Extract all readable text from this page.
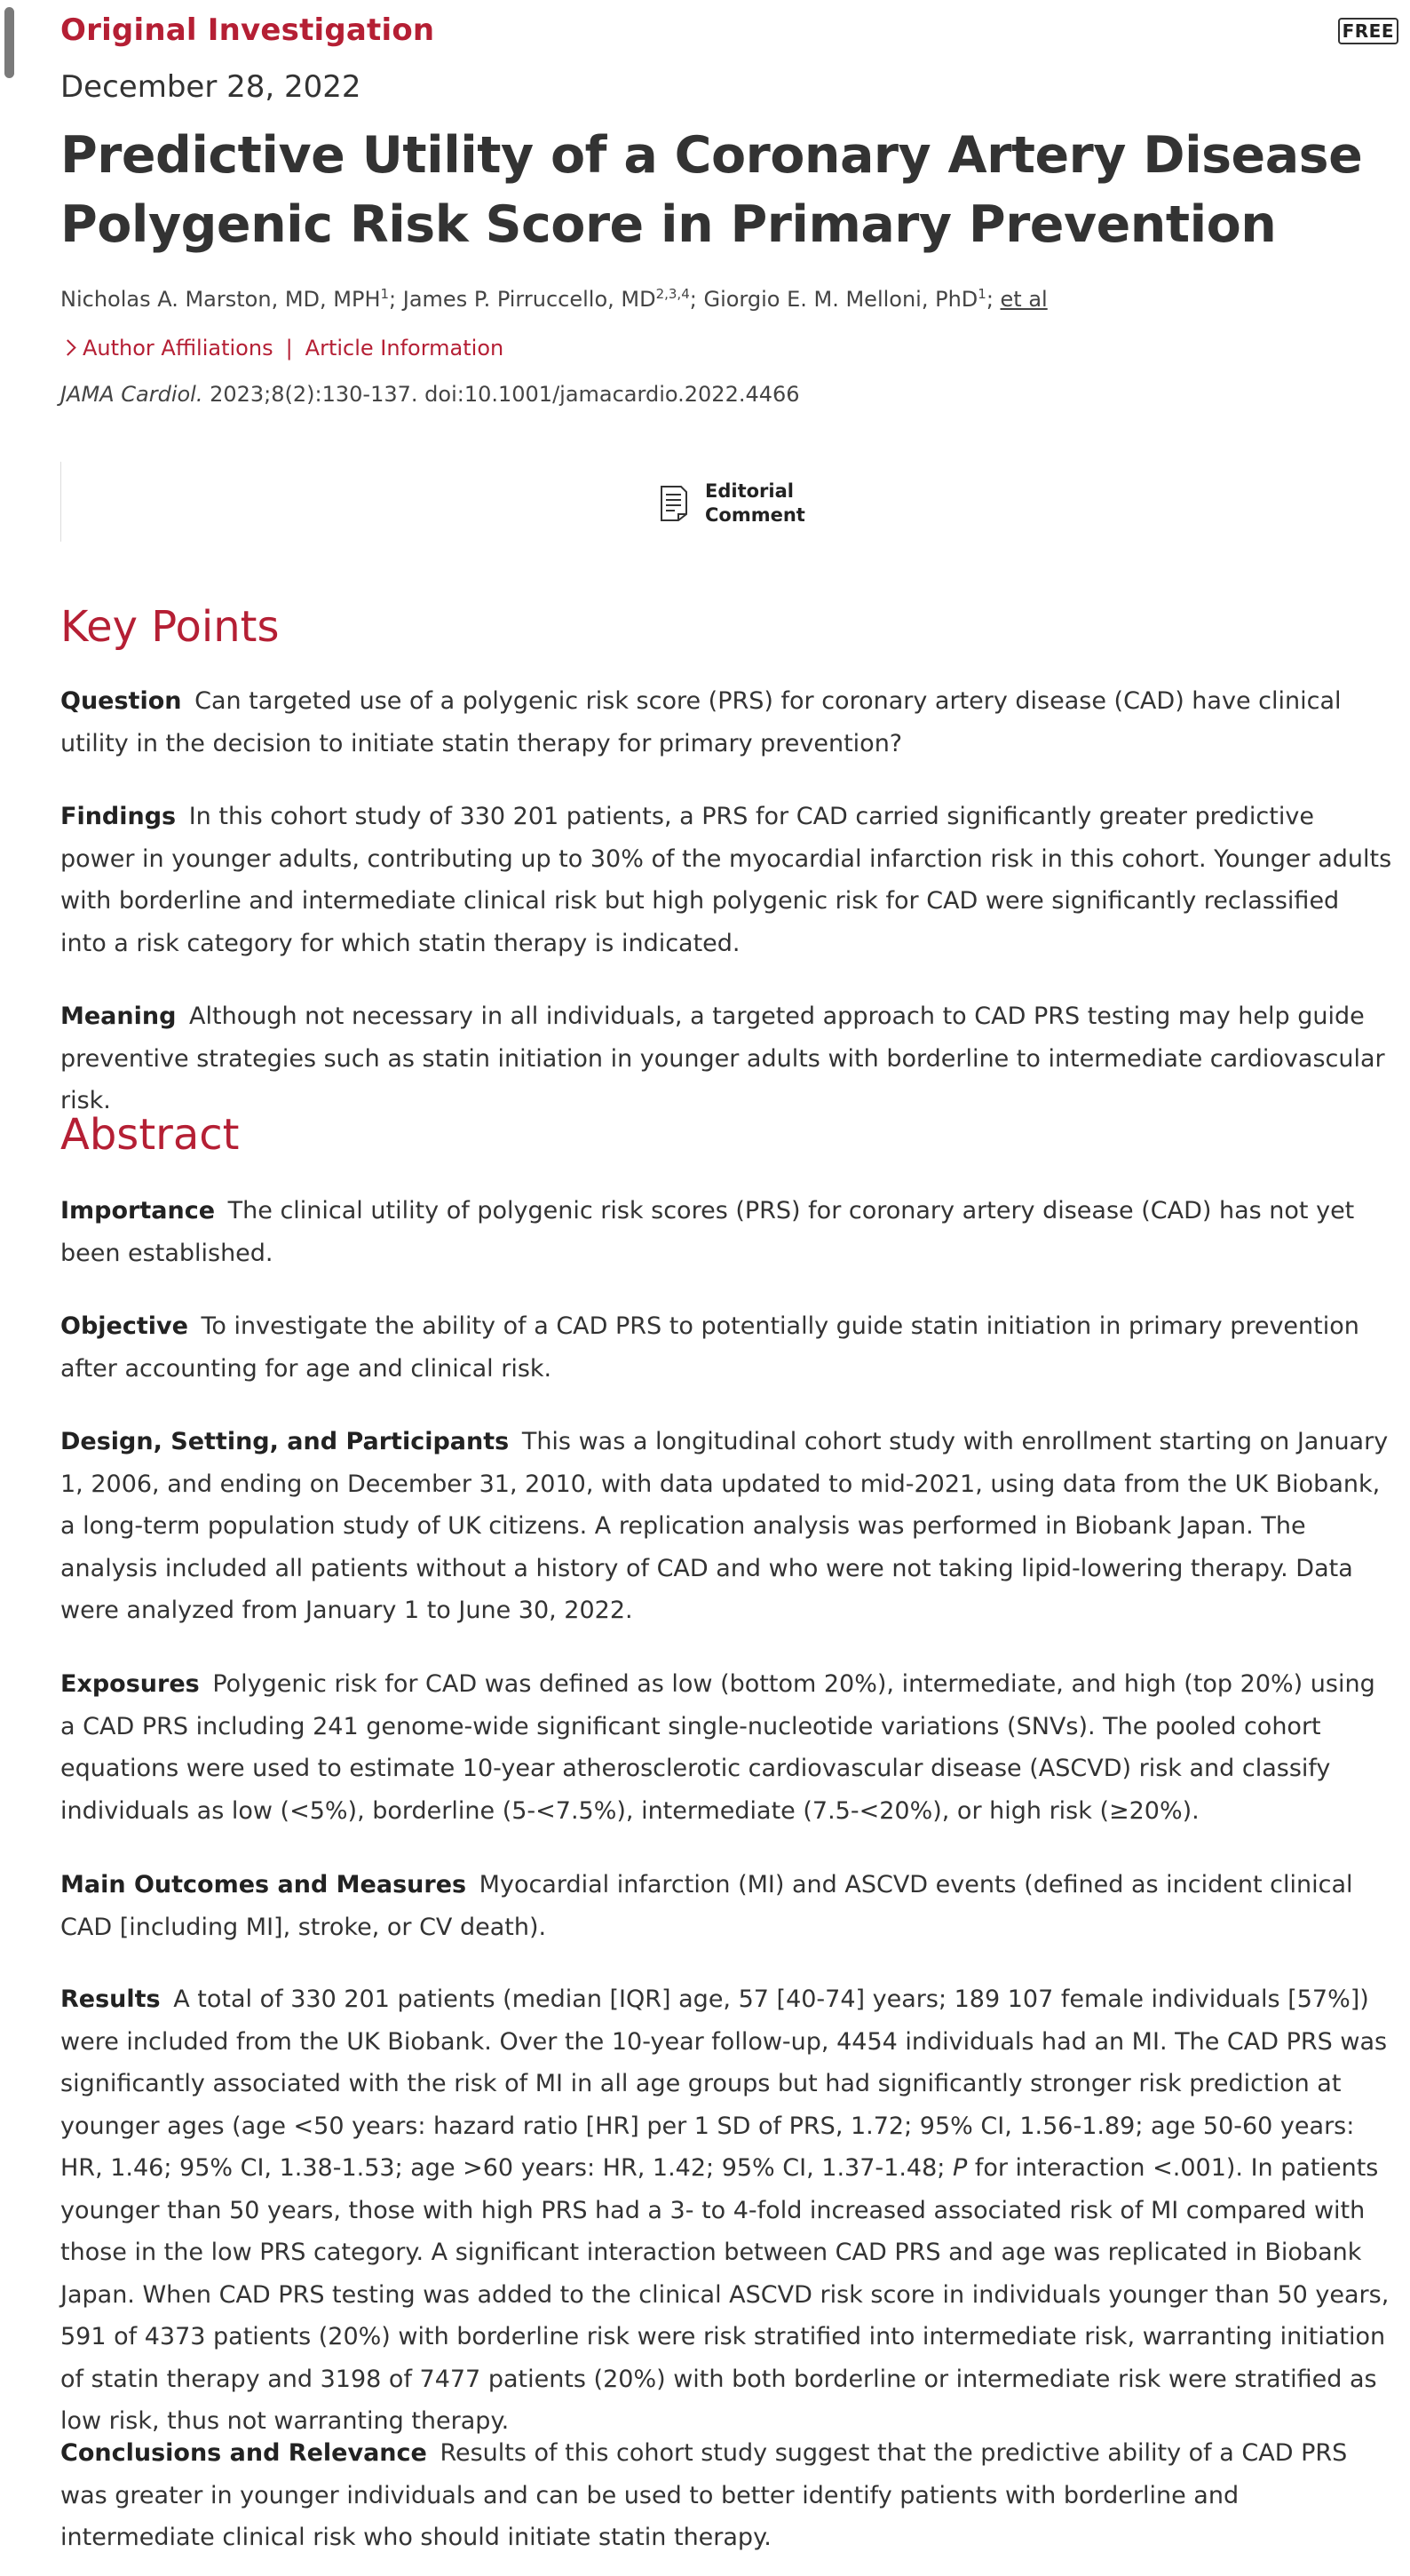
Original Investigation	FREE
December 28, 2022
Predictive Utility of a Coronary Artery Disease Polygenic Risk Score in Primary Prevention
Nicholas A. Marston, MD, MPH$^1$; James P. Pirruccello, MD$^{2,3,4}$; Giorgio E. M. Melloni, PhD$^1$; et al
Author Affiliations | Article Information
JAMA Cardiol. 2023;8(2):130-137. doi:10.1001/jamacardio.2022.4466
Editorial
Comment
Key Points

Question Can targeted use of a polygenic risk score (PRS) for coronary artery disease (CAD) have clinical utility in the decision to initiate statin therapy for primary prevention?

Findings In this cohort study of 330 201 patients, a PRS for CAD carried significantly greater predictive power in younger adults, contributing up to 30% of the myocardial infarction risk in this cohort. Younger adults with borderline and intermediate clinical risk but high polygenic risk for CAD were significantly reclassified into a risk category for which statin therapy is indicated.

Meaning Although not necessary in all individuals, a targeted approach to CAD PRS testing may help guide preventive strategies such as statin initiation in younger adults with borderline to intermediate cardiovascular risk.

Abstract

Importance The clinical utility of polygenic risk scores (PRS) for coronary artery disease (CAD) has not yet been established.

Objective To investigate the ability of a CAD PRS to potentially guide statin initiation in primary prevention after accounting for age and clinical risk.

Design, Setting, and Participants This was a longitudinal cohort study with enrollment starting on January 1, 2006, and ending on December 31, 2010, with data updated to mid-2021, using data from the UK Biobank, a long-term population study of UK citizens. A replication analysis was performed in Biobank Japan. The analysis included all patients without a history of CAD and who were not taking lipid-lowering therapy. Data were analyzed from January 1 to June 30, 2022.

Exposures Polygenic risk for CAD was defined as low (bottom 20%), intermediate, and high (top 20%) using a CAD PRS including 241 genome-wide significant single-nucleotide variations (SNVs). The pooled cohort equations were used to estimate 10-year atherosclerotic cardiovascular disease (ASCVD) risk and classify individuals as low (<5%), borderline (5-<7.5%), intermediate (7.5-<20%), or high risk (≥20%).

Main Outcomes and Measures Myocardial infarction (MI) and ASCVD events (defined as incident clinical CAD [including MI], stroke, or CV death).

Results A total of 330 201 patients (median [IQR] age, 57 [40-74] years; 189 107 female individuals [57%]) were included from the UK Biobank. Over the 10-year follow-up, 4454 individuals had an MI. The CAD PRS was significantly associated with the risk of MI in all age groups but had significantly stronger risk prediction at younger ages (age <50 years: hazard ratio [HR] per 1 SD of PRS, 1.72; 95% CI, 1.56-1.89; age 50-60 years: HR, 1.46; 95% CI, 1.38-1.53; age >60 years: HR, 1.42; 95% CI, 1.37-1.48; P for interaction <.001). In patients younger than 50 years, those with high PRS had a 3- to 4-fold increased associated risk of MI compared with those in the low PRS category. A significant interaction between CAD PRS and age was replicated in Biobank Japan. When CAD PRS testing was added to the clinical ASCVD risk score in individuals younger than 50 years, 591 of 4373 patients (20%) with borderline risk were risk stratified into intermediate risk, warranting initiation of statin therapy and 3198 of 7477 patients (20%) with both borderline or intermediate risk were stratified as low risk, thus not warranting therapy.

Conclusions and Relevance Results of this cohort study suggest that the predictive ability of a CAD PRS was greater in younger individuals and can be used to better identify patients with borderline and intermediate clinical risk who should initiate statin therapy.
